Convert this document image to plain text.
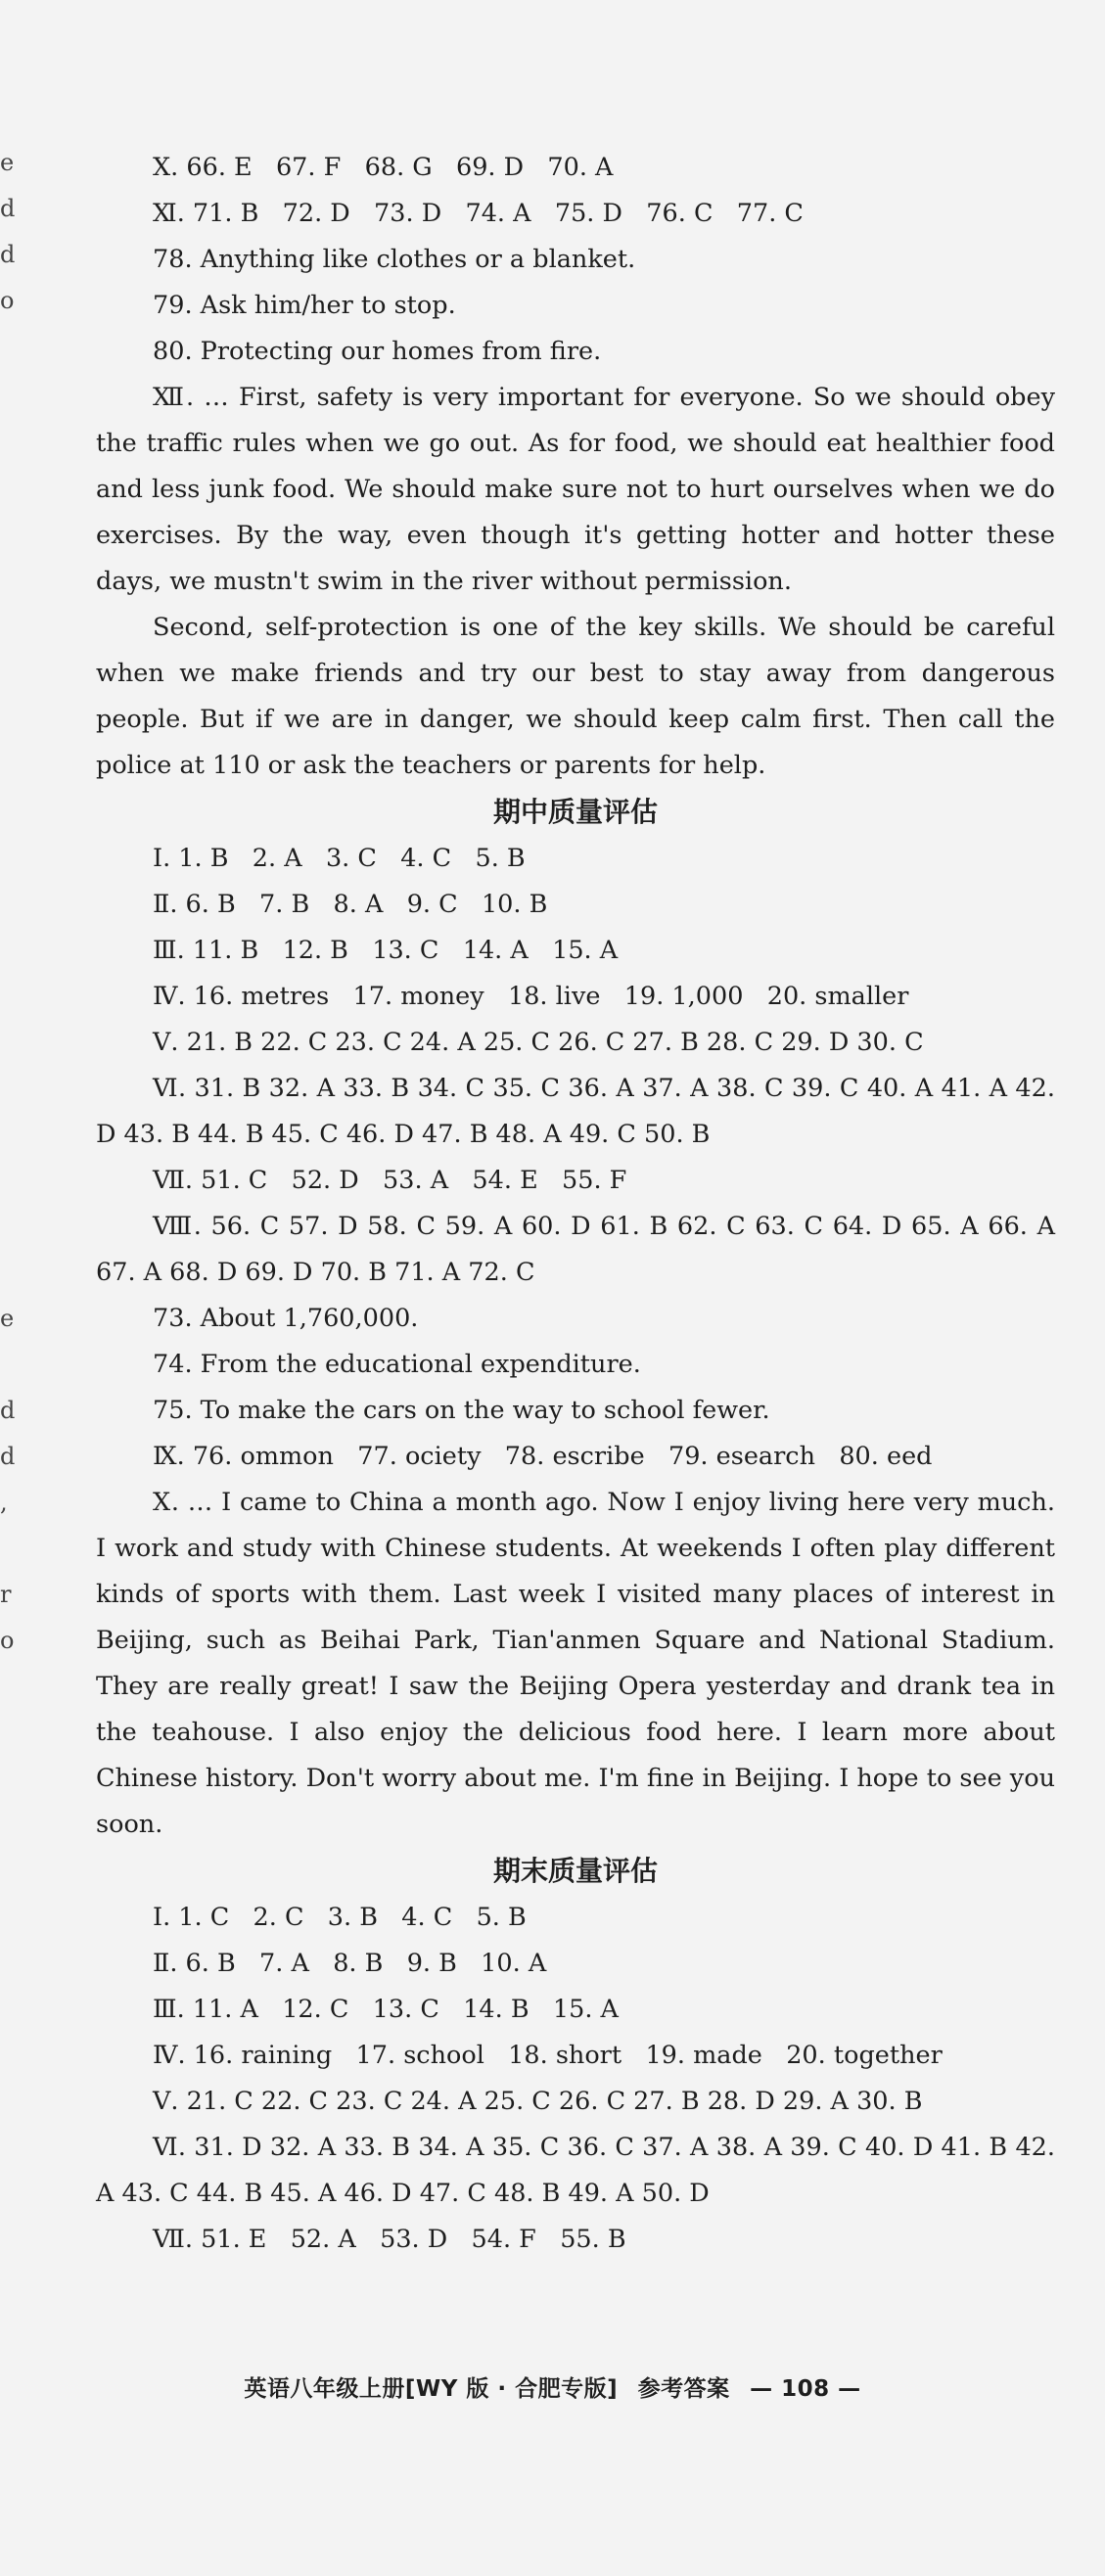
e
d
d
o
e
d
d
,
r
o

Ⅹ. 66. E   67. F   68. G   69. D   70. A

Ⅺ. 71. B   72. D   73. D   74. A   75. D   76. C   77. C

78. Anything like clothes or a blanket.

79. Ask him/her to stop.

80. Protecting our homes from fire.

Ⅻ. … First, safety is very important for everyone. So we should obey the traffic rules when we go out. As for food, we should eat healthier food and less junk food. We should make sure not to hurt ourselves when we do exercises. By the way, even though it's getting hotter and hotter these days, we mustn't swim in the river without permission.

Second, self-protection is one of the key skills. We should be careful when we make friends and try our best to stay away from dangerous people. But if we are in danger, we should keep calm first. Then call the police at 110 or ask the teachers or parents for help.

期中质量评估

Ⅰ. 1. B   2. A   3. C   4. C   5. B

Ⅱ. 6. B   7. B   8. A   9. C   10. B

Ⅲ. 11. B   12. B   13. C   14. A   15. A

Ⅳ. 16. metres   17. money   18. live   19. 1,000   20. smaller

Ⅴ. 21. B 22. C 23. C 24. A 25. C 26. C 27. B 28. C 29. D 30. C

Ⅵ. 31. B 32. A 33. B 34. C 35. C 36. A 37. A 38. C 39. C 40. A 41. A 42. D 43. B 44. B 45. C 46. D 47. B 48. A 49. C 50. B

Ⅶ. 51. C   52. D   53. A   54. E   55. F

Ⅷ. 56. C 57. D 58. C 59. A 60. D 61. B 62. C 63. C 64. D 65. A 66. A 67. A 68. D 69. D 70. B 71. A 72. C

73. About 1,760,000.

74. From the educational expenditure.

75. To make the cars on the way to school fewer.

Ⅸ. 76. ommon   77. ociety   78. escribe   79. esearch   80. eed

Ⅹ. … I came to China a month ago. Now I enjoy living here very much. I work and study with Chinese students. At weekends I often play different kinds of sports with them. Last week I visited many places of interest in Beijing, such as Beihai Park, Tian'anmen Square and National Stadium. They are really great! I saw the Beijing Opera yesterday and drank tea in the teahouse. I also enjoy the delicious food here. I learn more about Chinese history. Don't worry about me. I'm fine in Beijing. I hope to see you soon.

期末质量评估

Ⅰ. 1. C   2. C   3. B   4. C   5. B

Ⅱ. 6. B   7. A   8. B   9. B   10. A

Ⅲ. 11. A   12. C   13. C   14. B   15. A

Ⅳ. 16. raining   17. school   18. short   19. made   20. together

Ⅴ. 21. C 22. C 23. C 24. A 25. C 26. C 27. B 28. D 29. A 30. B

Ⅵ. 31. D 32. A 33. B 34. A 35. C 36. C 37. A 38. A 39. C 40. D 41. B 42. A 43. C 44. B 45. A 46. D 47. C 48. B 49. A 50. D

Ⅶ. 51. E   52. A   53. D   54. F   55. B

英语八年级上册[WY 版 · 合肥专版] 参考答案 — 108 —
